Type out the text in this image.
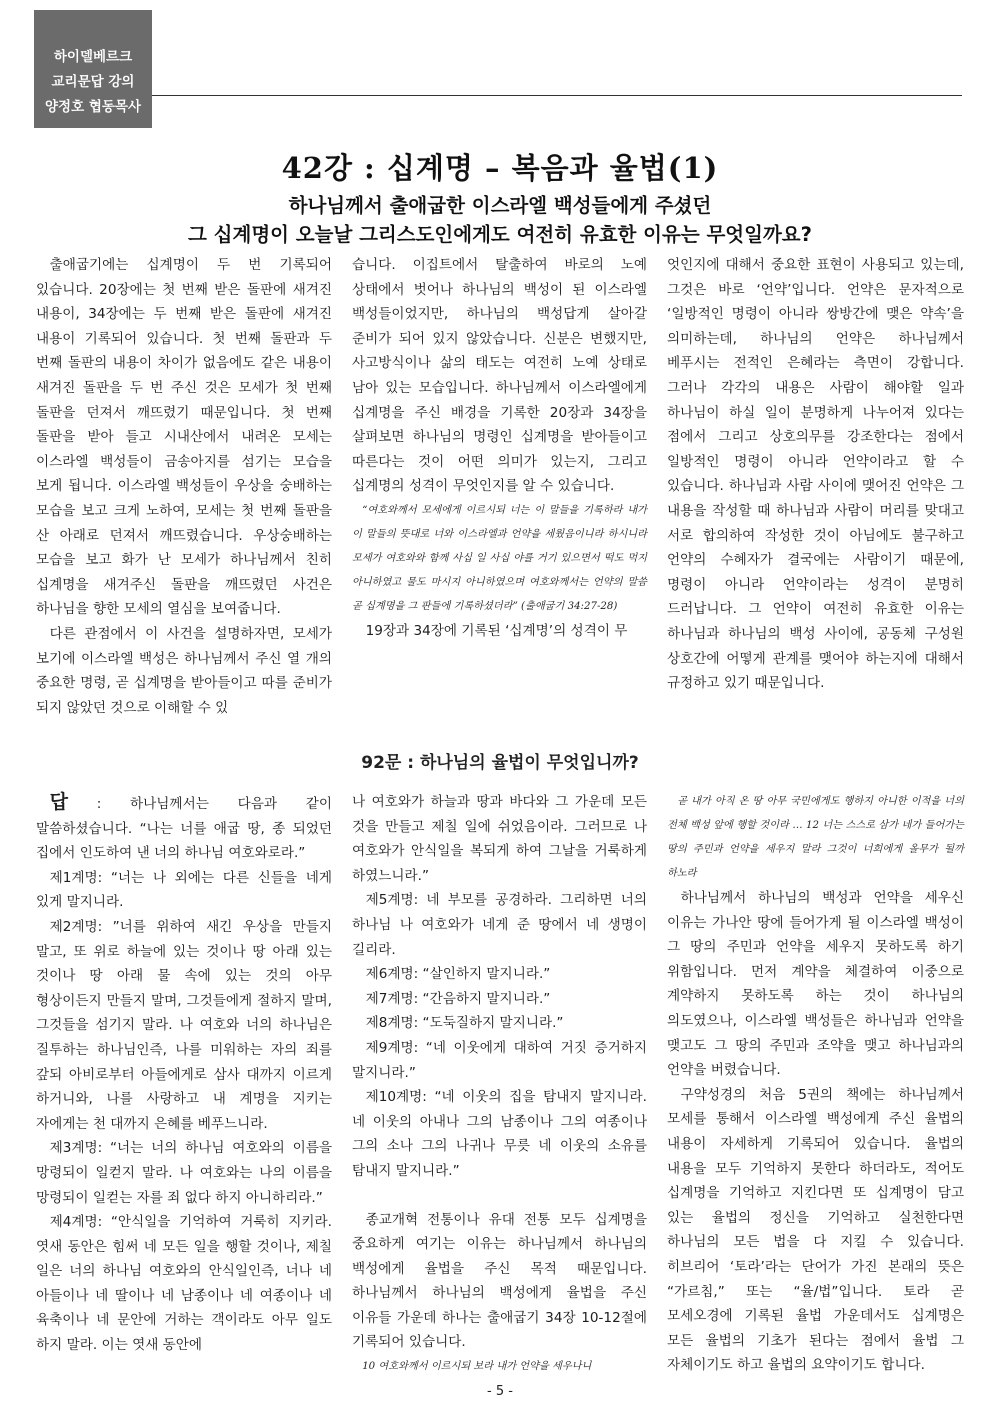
하이델베르크
교리문답 강의
양정호 협동목사
42강 : 십계명 – 복음과 율법(1)
하나님께서 출애굽한 이스라엘 백성들에게 주셨던
그 십계명이 오늘날 그리스도인에게도 여전히 유효한 이유는 무엇일까요?

출애굽기에는 십계명이 두 번 기록되어 있습니다. 20장에는 첫 번째 받은 돌판에 새겨진 내용이, 34장에는 두 번째 받은 돌판에 새겨진 내용이 기록되어 있습니다. 첫 번째 돌판과 두 번째 돌판의 내용이 차이가 없음에도 같은 내용이 새겨진 돌판을 두 번 주신 것은 모세가 첫 번째 돌판을 던져서 깨뜨렸기 때문입니다. 첫 번째 돌판을 받아 들고 시내산에서 내려온 모세는 이스라엘 백성들이 금송아지를 섬기는 모습을 보게 됩니다. 이스라엘 백성들이 우상을 숭배하는 모습을 보고 크게 노하여, 모세는 첫 번째 돌판을 산 아래로 던져서 깨뜨렸습니다. 우상숭배하는 모습을 보고 화가 난 모세가 하나님께서 친히 십계명을 새겨주신 돌판을 깨뜨렸던 사건은 하나님을 향한 모세의 열심을 보여줍니다.

다른 관점에서 이 사건을 설명하자면, 모세가 보기에 이스라엘 백성은 하나님께서 주신 열 개의 중요한 명령, 곧 십계명을 받아들이고 따를 준비가 되지 않았던 것으로 이해할 수 있

습니다. 이집트에서 탈출하여 바로의 노예 상태에서 벗어나 하나님의 백성이 된 이스라엘 백성들이었지만, 하나님의 백성답게 살아갈 준비가 되어 있지 않았습니다. 신분은 변했지만, 사고방식이나 삶의 태도는 여전히 노예 상태로 남아 있는 모습입니다. 하나님께서 이스라엘에게 십계명을 주신 배경을 기록한 20장과 34장을 살펴보면 하나님의 명령인 십계명을 받아들이고 따른다는 것이 어떤 의미가 있는지, 그리고 십계명의 성격이 무엇인지를 알 수 있습니다.

“여호와께서 모세에게 이르시되 너는 이 말들을 기록하라 내가 이 말들의 뜻대로 너와 이스라엘과 언약을 세웠음이니라 하시니라 모세가 여호와와 함께 사십 일 사십 야를 거기 있으면서 떡도 먹지 아니하였고 물도 마시지 아니하였으며 여호와께서는 언약의 말씀 곧 십계명을 그 판들에 기록하셨더라” (출애굽기 34:27-28)

19장과 34장에 기록된 ‘십계명’의 성격이 무

엇인지에 대해서 중요한 표현이 사용되고 있는데, 그것은 바로 ‘언약’입니다. 언약은 문자적으로 ‘일방적인 명령이 아니라 쌍방간에 맺은 약속’을 의미하는데, 하나님의 언약은 하나님께서 베푸시는 전적인 은혜라는 측면이 강합니다. 그러나 각각의 내용은 사람이 해야할 일과 하나님이 하실 일이 분명하게 나누어져 있다는 점에서 그리고 상호의무를 강조한다는 점에서 일방적인 명령이 아니라 언약이라고 할 수 있습니다. 하나님과 사람 사이에 맺어진 언약은 그 내용을 작성할 때 하나님과 사람이 머리를 맞대고 서로 합의하여 작성한 것이 아님에도 불구하고 언약의 수혜자가 결국에는 사람이기 때문에, 명령이 아니라 언약이라는 성격이 분명히 드러납니다. 그 언약이 여전히 유효한 이유는 하나님과 하나님의 백성 사이에, 공동체 구성원 상호간에 어떻게 관계를 맺어야 하는지에 대해서 규정하고 있기 때문입니다.

92문 : 하나님의 율법이 무엇입니까?

답 : 하나님께서는 다음과 같이 말씀하셨습니다. “나는 너를 애굽 땅, 종 되었던 집에서 인도하여 낸 너의 하나님 여호와로라.”

제1계명: “너는 나 외에는 다른 신들을 네게 있게 말지니라.

제2계명: ”너를 위하여 새긴 우상을 만들지 말고, 또 위로 하늘에 있는 것이나 땅 아래 있는 것이나 땅 아래 물 속에 있는 것의 아무 형상이든지 만들지 말며, 그것들에게 절하지 말며, 그것들을 섬기지 말라. 나 여호와 너의 하나님은 질투하는 하나님인즉, 나를 미워하는 자의 죄를 갚되 아비로부터 아들에게로 삼사 대까지 이르게 하거니와, 나를 사랑하고 내 계명을 지키는 자에게는 천 대까지 은혜를 베푸느니라.

제3계명: “너는 너의 하나님 여호와의 이름을 망령되이 일컫지 말라. 나 여호와는 나의 이름을 망령되이 일컫는 자를 죄 없다 하지 아니하리라.”

제4계명: “안식일을 기억하여 거룩히 지키라. 엿새 동안은 힘써 네 모든 일을 행할 것이나, 제칠 일은 너의 하나님 여호와의 안식일인즉, 너나 네 아들이나 네 딸이나 네 남종이나 네 여종이나 네 육축이나 네 문안에 거하는 객이라도 아무 일도 하지 말라. 이는 엿새 동안에

나 여호와가 하늘과 땅과 바다와 그 가운데 모든 것을 만들고 제칠 일에 쉬었음이라. 그러므로 나 여호와가 안식일을 복되게 하여 그날을 거룩하게 하였느니라.”

제5계명: 네 부모를 공경하라. 그리하면 너의 하나님 나 여호와가 네게 준 땅에서 네 생명이 길리라.

제6계명: “살인하지 말지니라.”

제7계명: “간음하지 말지니라.”

제8계명: “도둑질하지 말지니라.”

제9계명: “네 이웃에게 대하여 거짓 증거하지 말지니라.”

제10계명: “네 이웃의 집을 탐내지 말지니라. 네 이웃의 아내나 그의 남종이나 그의 여종이나 그의 소나 그의 나귀나 무릇 네 이웃의 소유를 탐내지 말지니라.”

종교개혁 전통이나 유대 전통 모두 십계명을 중요하게 여기는 이유는 하나님께서 하나님의 백성에게 율법을 주신 목적 때문입니다. 하나님께서 하나님의 백성에게 율법을 주신 이유들 가운데 하나는 출애굽기 34장 10-12절에 기록되어 있습니다.

10 여호와께서 이르시되 보라 내가 언약을 세우나니

곧 내가 아직 온 땅 아무 국민에게도 행하지 아니한 이적을 너의 전체 백성 앞에 행할 것이라 … 12 너는 스스로 삼가 네가 들어가는 땅의 주민과 언약을 세우지 말라 그것이 너희에게 올무가 될까 하노라

하나님께서 하나님의 백성과 언약을 세우신 이유는 가나안 땅에 들어가게 될 이스라엘 백성이 그 땅의 주민과 언약을 세우지 못하도록 하기 위함입니다. 먼저 계약을 체결하여 이중으로 계약하지 못하도록 하는 것이 하나님의 의도였으나, 이스라엘 백성들은 하나님과 언약을 맺고도 그 땅의 주민과 조약을 맺고 하나님과의 언약을 버렸습니다.

구약성경의 처음 5권의 책에는 하나님께서 모세를 통해서 이스라엘 백성에게 주신 율법의 내용이 자세하게 기록되어 있습니다. 율법의 내용을 모두 기억하지 못한다 하더라도, 적어도 십계명을 기억하고 지킨다면 또 십계명이 담고 있는 율법의 정신을 기억하고 실천한다면 하나님의 모든 법을 다 지킬 수 있습니다. 히브리어 ‘토라’라는 단어가 가진 본래의 뜻은 “가르침,” 또는 “율/법”입니다. 토라 곧 모세오경에 기록된 율법 가운데서도 십계명은 모든 율법의 기초가 된다는 점에서 율법 그 자체이기도 하고 율법의 요약이기도 합니다.

- 5 -
